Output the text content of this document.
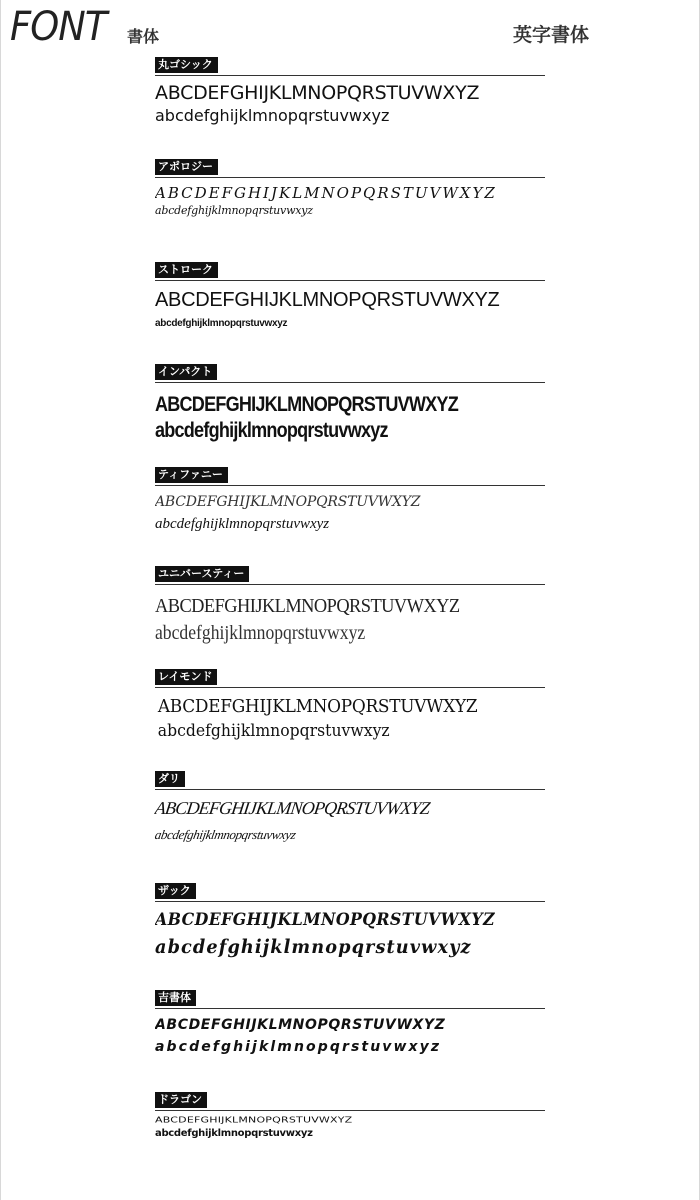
FONT 書体	英字書体
丸ゴシック
ABCDEFGHIJKLMNOPQRSTUVWXYZ
abcdefghijklmnopqrstuvwxyz
アポロジー
ABCDEFGHIJKLMNOPQRSTUVWXYZ
abcdefghijklmnopqrstuvwxyz
ストローク
ABCDEFGHIJKLMNOPQRSTUVWXYZ
abcdefghijklmnopqrstuvwxyz
インパクト
ABCDEFGHIJKLMNOPQRSTUVWXYZ
abcdefghijklmnopqrstuvwxyz
ティファニー
ABCDEFGHIJKLMNOPQRSTUVWXYZ
abcdefghijklmnopqrstuvwxyz
ユニバースティー
ABCDEFGHIJKLMNOPQRSTUVWXYZ
abcdefghijklmnopqrstuvwxyz
レイモンド
ABCDEFGHIJKLMNOPQRSTUVWXYZ
abcdefghijklmnopqrstuvwxyz
ダリ
ABCDEFGHIJKLMNOPQRSTUVWXYZ
abcdefghijklmnopqrstuvwxyz
ザック
ABCDEFGHIJKLMNOPQRSTUVWXYZ
abcdefghijklmnopqrstuvwxyz
吉書体
ABCDEFGHIJKLMNOPQRSTUVWXYZ
abcdefghijklmnopqrstuvwxyz
ドラゴン
ABCDEFGHIJKLMNOPQRSTUVWXYZ
abcdefghijklmnopqrstuvwxyz
